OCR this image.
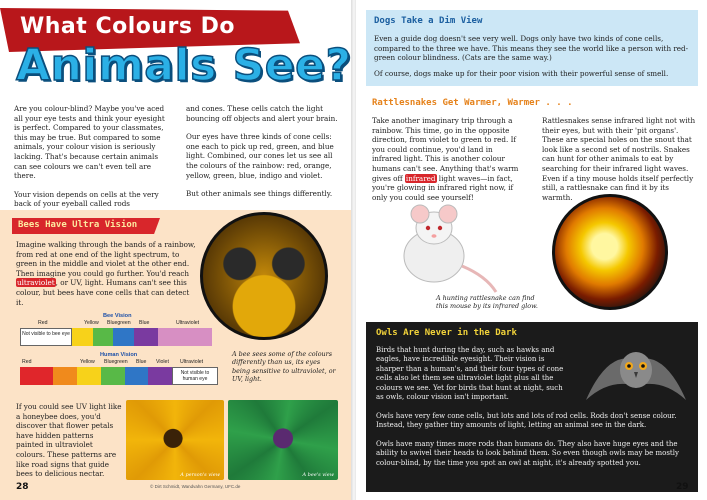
What Colours Do
Animals See?

Are you colour-blind? Maybe you've aced all your eye tests and think your eyesight is perfect. Compared to your classmates, this may be true. But compared to some animals, your colour vision is seriously lacking. That's because certain animals can see colours we can't even tell are there.

Your vision depends on cells at the very back of your eyeball called rods

and cones. These cells catch the light bouncing off objects and alert your brain.

Our eyes have three kinds of cone cells: one each to pick up red, green, and blue light. Combined, our cones let us see all the colours of the rainbow: red, orange, yellow, green, blue, indigo and violet.

But other animals see things differently.

Bees Have Ultra Vision
Imagine walking through the bands of a rainbow, from red at one end of the light spectrum, to green in the middle and violet at the other end. Then imagine you could go further. You'd reach ultraviolet, or UV, light. Humans can't see this colour, but bees have cone cells that can detect it.
Bee Vision
Red	Yellow Bluegreen Blue	Ultraviolet
Not visible to bee eye
Human Vision
Red	Yellow Bluegreen Blue Violet Ultraviolet
Not visible to human eye
A bee sees some of the colours differently than us, its eyes being sensitive to ultraviolet, or UV, light.
If you could see UV light like a honeybee does, you'd discover that flower petals have hidden patterns painted in ultraviolet colours. These patterns are like road signs that guide bees to delicious nectar.	A person's view	A bee's view
© Dirt Schmidt, Wandvahn Germany, UFC.de
28
Dogs Take a Dim View

Even a guide dog doesn't see very well. Dogs only have two kinds of cone cells, compared to the three we have. This means they see the world like a person with red-green colour blindness. (Cats are the same way.)

Of course, dogs make up for their poor vision with their powerful sense of smell.

Rattlesnakes Get Warmer, Warmer . . .
Take another imaginary trip through a rainbow. This time, go in the opposite direction, from violet to green to red. If you could continue, you'd land in infrared light. This is another colour humans can't see. Anything that's warm gives off infrared light waves—in fact, you're glowing in infrared right now, if only you could see yourself!
Rattlesnakes sense infrared light not with their eyes, but with their 'pit organs'. These are special holes on the snout that look like a second set of nostrils. Snakes can hunt for other animals to eat by searching for their infrared light waves. Even if a tiny mouse holds itself perfectly still, a rattlesnake can find it by its warmth.
A hunting rattlesnake can find this mouse by its infrared glow.
Owls Are Never in the Dark
Birds that hunt during the day, such as hawks and eagles, have incredible eyesight. Their vision is sharper than a human's, and their four types of cone cells also let them see ultraviolet light plus all the colours we see. Yet for birds that hunt at night, such as owls, colour vision isn't important.
Owls have very few cone cells, but lots and lots of rod cells. Rods don't sense colour. Instead, they gather tiny amounts of light, letting an animal see in the dark.
Owls have many times more rods than humans do. They also have huge eyes and the ability to swivel their heads to look behind them. So even though owls may be mostly colour-blind, by the time you spot an owl at night, it's already spotted you.
29
